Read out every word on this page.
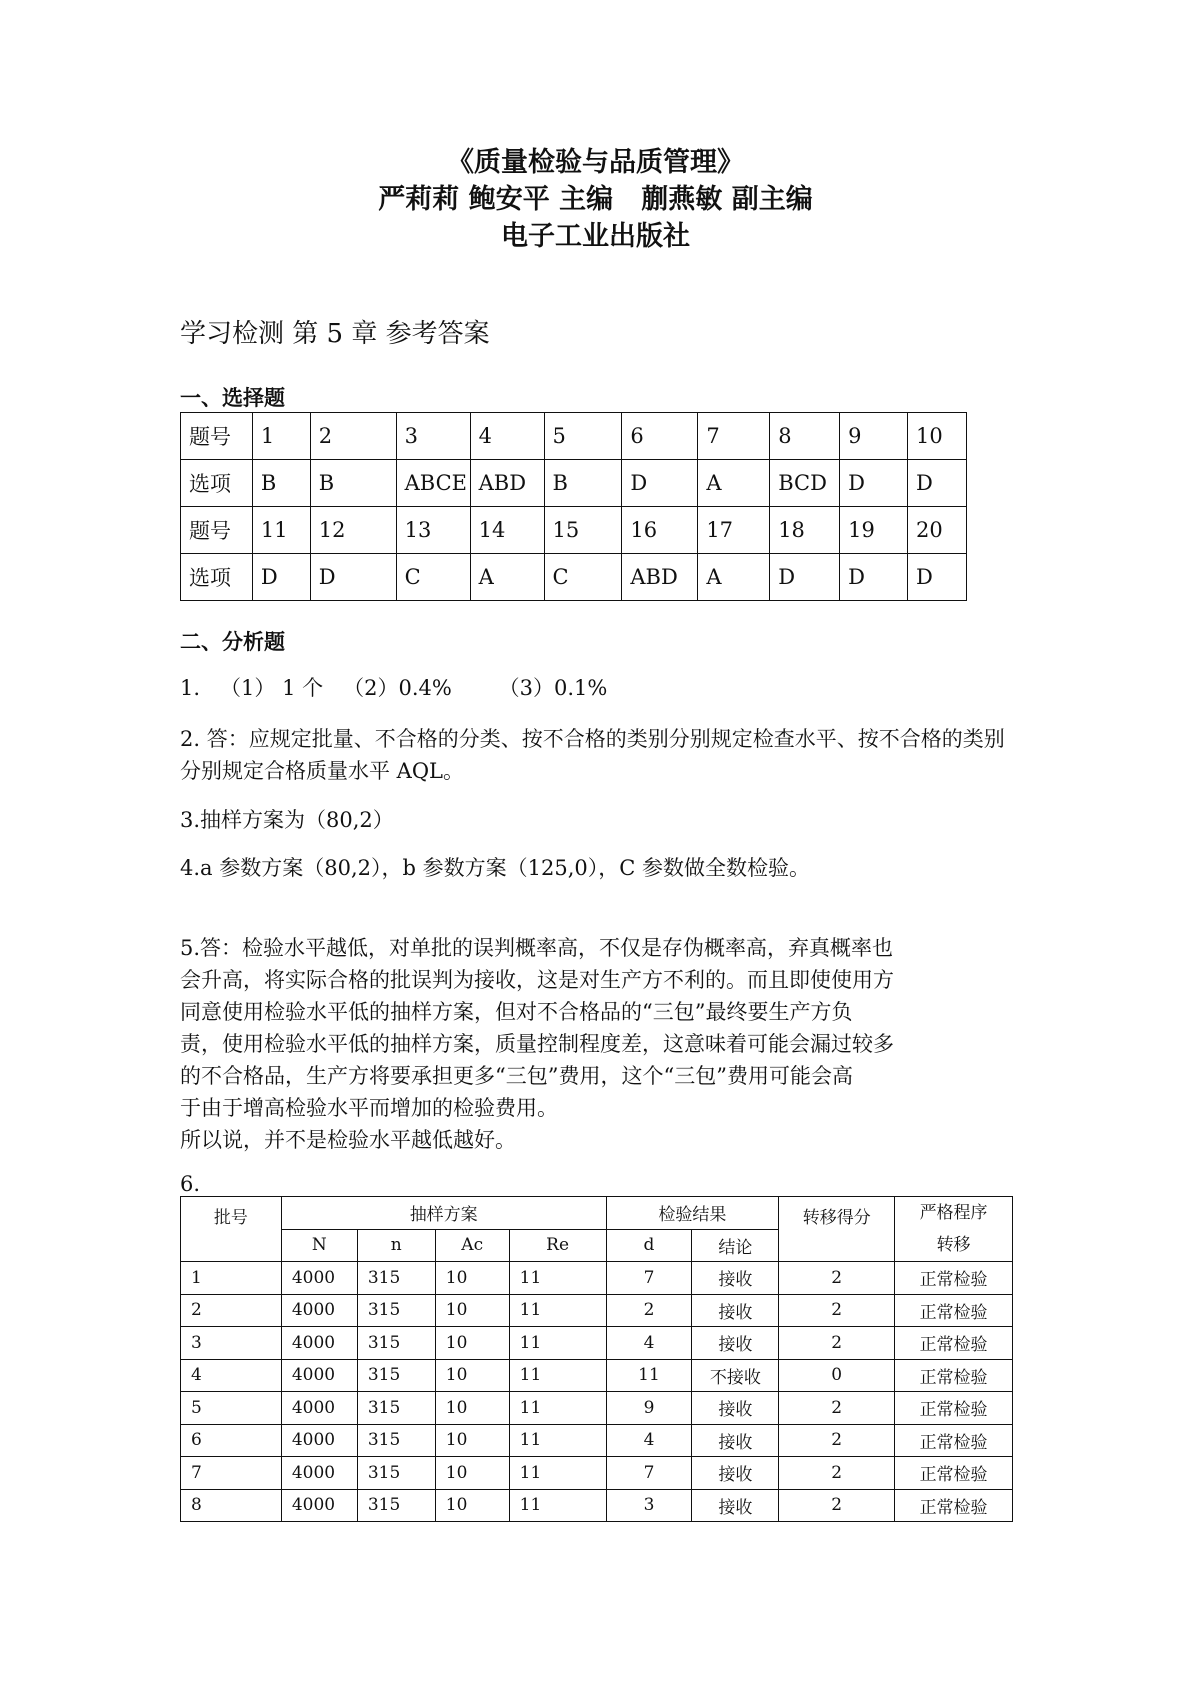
《质量检验与品质管理》
严莉莉 鲍安平 主编   蒯燕敏 副主编
电子工业出版社
学习检测 第 5 章 参考答案
一、选择题
题号	1	2	3	4	5	6	7	8	9	10
选项	B	B	ABCE	ABD	B	D	A	BCD	D	D
题号	11	12	13	14	15	16	17	18	19	20
选项	D	D	C	A	C	ABD	A	D	D	D
二、分析题
1.   （1） 1 个   （2）0.4%       （3）0.1%
2. 答：应规定批量、不合格的分类、按不合格的类别分别规定检查水平、按不合格的类别分别规定合格质量水平 AQL。
3.抽样方案为（80,2）
4.a 参数方案（80,2），b 参数方案（125,0），C 参数做全数检验。
5.答：检验水平越低，对单批的误判概率高，不仅是存伪概率高，弃真概率也
会升高，将实际合格的批误判为接收，这是对生产方不利的。而且即使使用方
同意使用检验水平低的抽样方案，但对不合格品的“三包”最终要生产方负
责，使用检验水平低的抽样方案，质量控制程度差，这意味着可能会漏过较多
的不合格品，生产方将要承担更多“三包”费用，这个“三包”费用可能会高
于由于增高检验水平而增加的检验费用。
所以说，并不是检验水平越低越好。
6.
批号	抽样方案				检验结果		转移得分	严格程序
转移
	N	n	Ac	Re	d	结论		
1	4000	315	10	11	7	接收	2	正常检验
2	4000	315	10	11	2	接收	2	正常检验
3	4000	315	10	11	4	接收	2	正常检验
4	4000	315	10	11	11	不接收	0	正常检验
5	4000	315	10	11	9	接收	2	正常检验
6	4000	315	10	11	4	接收	2	正常检验
7	4000	315	10	11	7	接收	2	正常检验
8	4000	315	10	11	3	接收	2	正常检验
